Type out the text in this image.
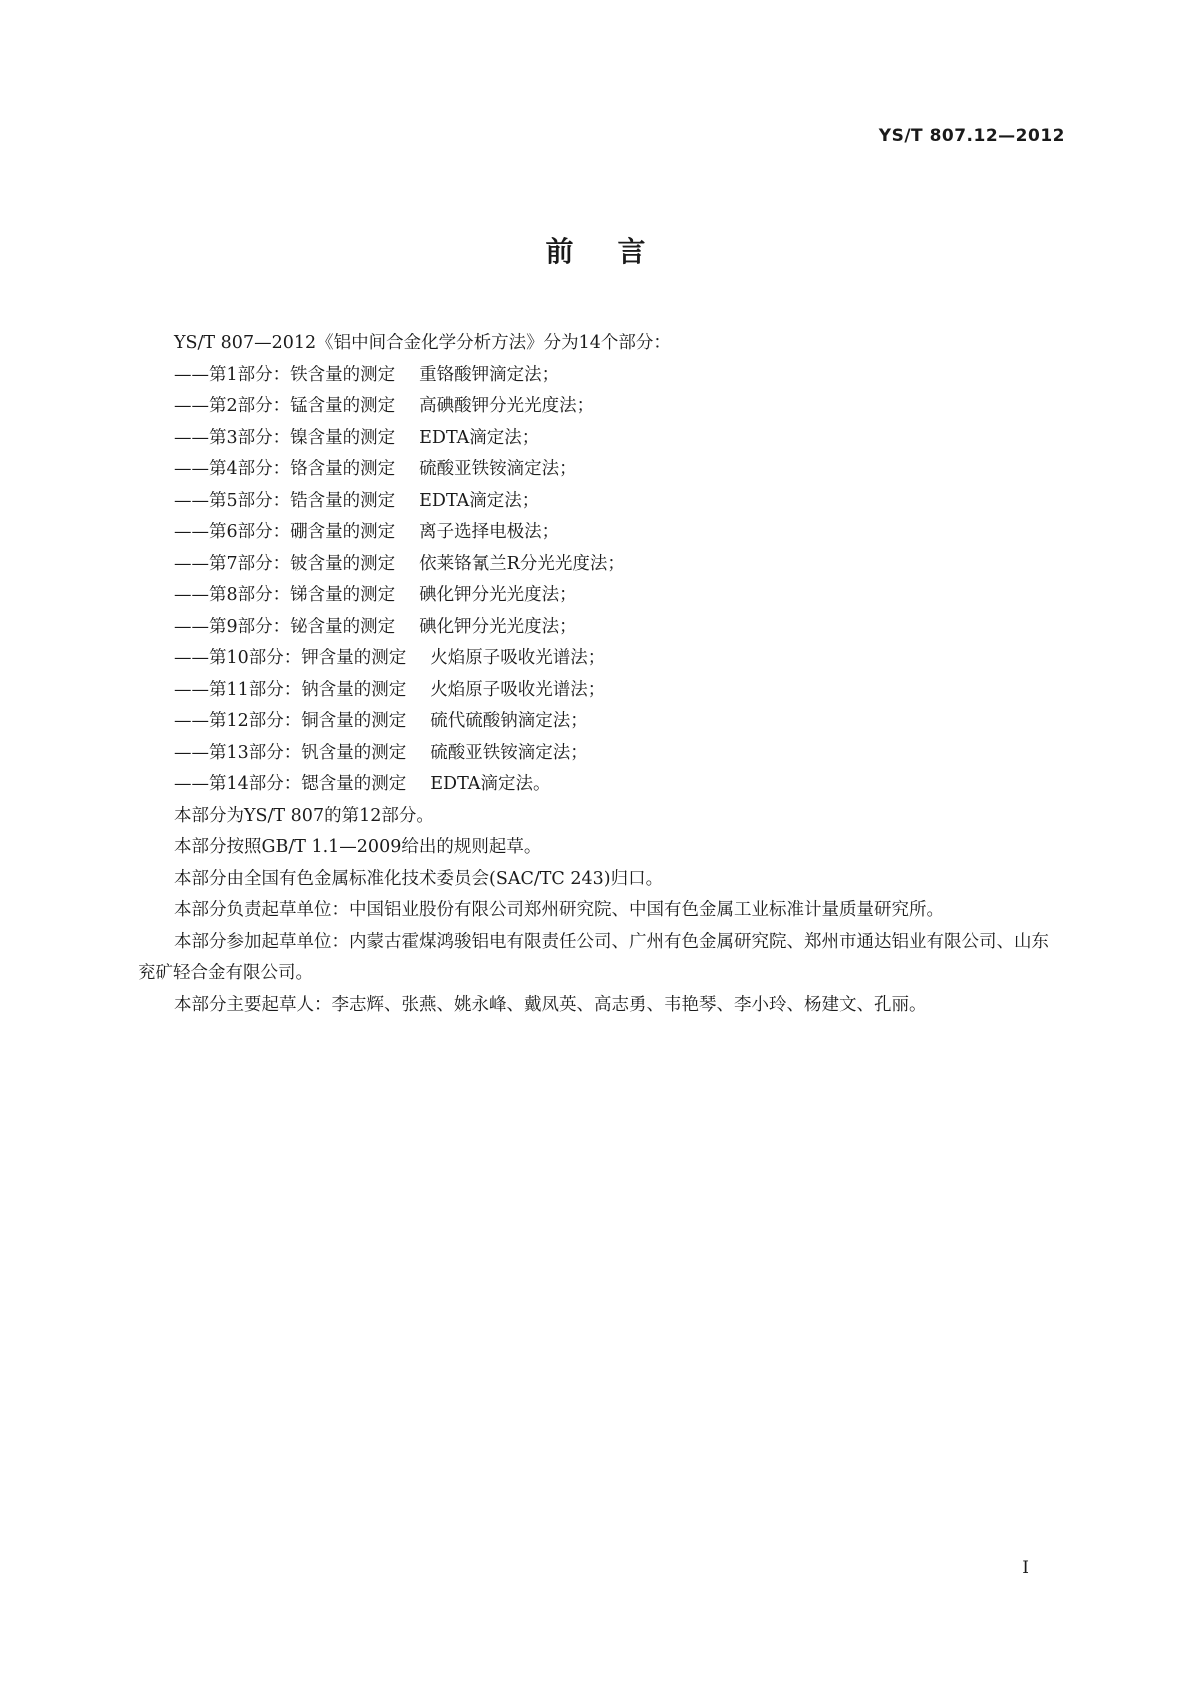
YS/T 807.12—2012
前言

YS/T 807—2012《铝中间合金化学分析方法》分为14个部分：

——第1部分：铁含量的测定 重铬酸钾滴定法；

——第2部分：锰含量的测定 高碘酸钾分光光度法；

——第3部分：镍含量的测定 EDTA滴定法；

——第4部分：铬含量的测定 硫酸亚铁铵滴定法；

——第5部分：锆含量的测定 EDTA滴定法；

——第6部分：硼含量的测定 离子选择电极法；

——第7部分：铍含量的测定 依莱铬氰兰R分光光度法；

——第8部分：锑含量的测定 碘化钾分光光度法；

——第9部分：铋含量的测定 碘化钾分光光度法；

——第10部分：钾含量的测定 火焰原子吸收光谱法；

——第11部分：钠含量的测定 火焰原子吸收光谱法；

——第12部分：铜含量的测定 硫代硫酸钠滴定法；

——第13部分：钒含量的测定 硫酸亚铁铵滴定法；

——第14部分：锶含量的测定 EDTA滴定法。

本部分为YS/T 807的第12部分。

本部分按照GB/T 1.1—2009给出的规则起草。

本部分由全国有色金属标准化技术委员会(SAC/TC 243)归口。

本部分负责起草单位：中国铝业股份有限公司郑州研究院、中国有色金属工业标准计量质量研究所。

本部分参加起草单位：内蒙古霍煤鸿骏铝电有限责任公司、广州有色金属研究院、郑州市通达铝业有限公司、山东兖矿轻合金有限公司。

本部分主要起草人：李志辉、张燕、姚永峰、戴凤英、高志勇、韦艳琴、李小玲、杨建文、孔丽。

I
